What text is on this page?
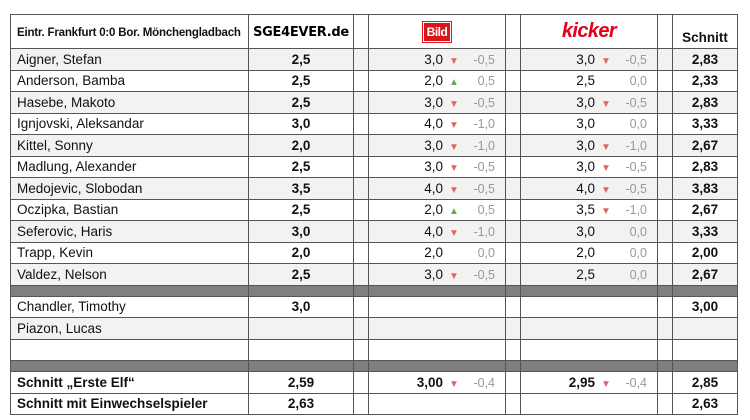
Eintr. Frankfurt 0:0 Bor. Mönchengladbach	SGE4EVER.de		Bild		kicker		Schnitt
Aigner, Stefan	2,5		3,0 ▼ -0,5		3,0 ▼ -0,5		2,83
Anderson, Bamba	2,5		2,0 ▲ 0,5		2,5 0,0		2,33
Hasebe, Makoto	2,5		3,0 ▼ -0,5		3,0 ▼ -0,5		2,83
Ignjovski, Aleksandar	3,0		4,0 ▼ -1,0		3,0 0,0		3,33
Kittel, Sonny	2,0		3,0 ▼ -1,0		3,0 ▼ -1,0		2,67
Madlung, Alexander	2,5		3,0 ▼ -0,5		3,0 ▼ -0,5		2,83
Medojevic, Slobodan	3,5		4,0 ▼ -0,5		4,0 ▼ -0,5		3,83
Oczipka, Bastian	2,5		2,0 ▲ 0,5		3,5 ▼ -1,0		2,67
Seferovic, Haris	3,0		4,0 ▼ -1,0		3,0 0,0		3,33
Trapp, Kevin	2,0		2,0 0,0		2,0 0,0		2,00
Valdez, Nelson	2,5		3,0 ▼ -0,5		2,5 0,0		2,67

Chandler, Timothy	3,0						3,00
Piazon, Lucas							

Schnitt „Erste Elf“	2,59		3,00 ▼ -0,4		2,95 ▼ -0,4		2,85
Schnitt mit Einwechselspieler	2,63						2,63
